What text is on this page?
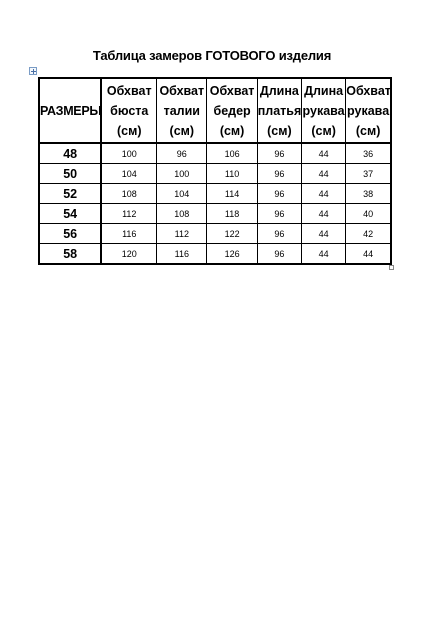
Таблица замеров ГОТОВОГО изделия
РАЗМЕРЫ	Обхват
бюста
(см)	Обхват
талии
(см)	Обхват
бедер
(см)	Длина
платья
(см)	Длина
рукава
(см)	Обхват
рукава
(см)

48	100	96	106	96	44	36
50	104	100	110	96	44	37
52	108	104	114	96	44	38
54	112	108	118	96	44	40
56	116	112	122	96	44	42
58	120	116	126	96	44	44
